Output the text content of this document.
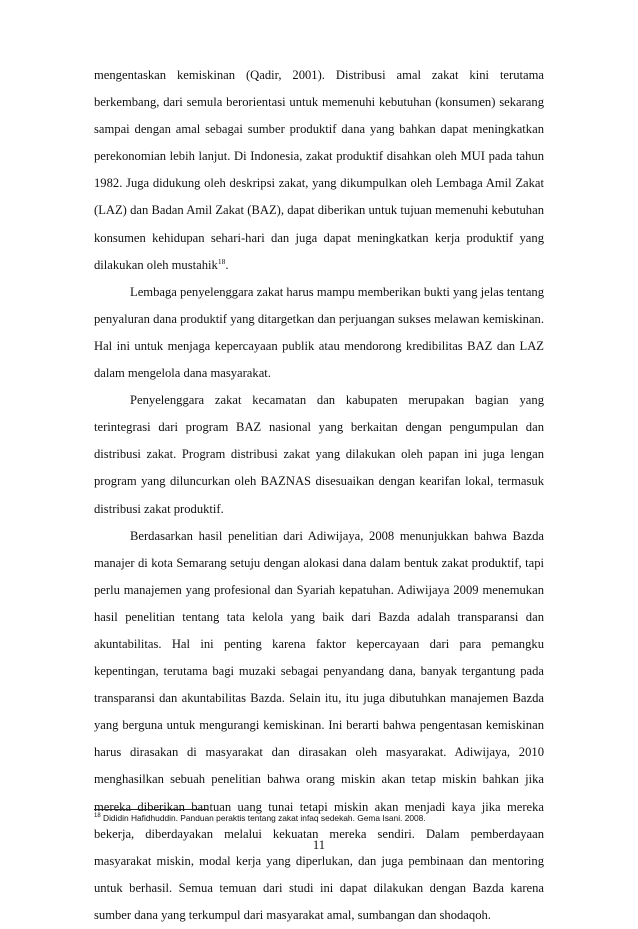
mengentaskan kemiskinan (Qadir, 2001). Distribusi amal zakat kini terutama berkembang, dari semula berorientasi untuk memenuhi kebutuhan (konsumen) sekarang sampai dengan amal sebagai sumber produktif dana yang bahkan dapat meningkatkan perekonomian lebih lanjut. Di Indonesia, zakat produktif disahkan oleh MUI pada tahun 1982. Juga didukung oleh deskripsi zakat, yang dikumpulkan oleh Lembaga Amil Zakat (LAZ) dan Badan Amil Zakat (BAZ), dapat diberikan untuk tujuan memenuhi kebutuhan konsumen kehidupan sehari-hari dan juga dapat meningkatkan kerja produktif yang dilakukan oleh mustahik$^{18}$.

Lembaga penyelenggara zakat harus mampu memberikan bukti yang jelas tentang penyaluran dana produktif yang ditargetkan dan perjuangan sukses melawan kemiskinan. Hal ini untuk menjaga kepercayaan publik atau mendorong kredibilitas BAZ dan LAZ dalam mengelola dana masyarakat.

Penyelenggara zakat kecamatan dan kabupaten merupakan bagian yang terintegrasi dari program BAZ nasional yang berkaitan dengan pengumpulan dan distribusi zakat. Program distribusi zakat yang dilakukan oleh papan ini juga lengan program yang diluncurkan oleh BAZNAS disesuaikan dengan kearifan lokal, termasuk distribusi zakat produktif.

Berdasarkan hasil penelitian dari Adiwijaya, 2008 menunjukkan bahwa Bazda manajer di kota Semarang setuju dengan alokasi dana dalam bentuk zakat produktif, tapi perlu manajemen yang profesional dan Syariah kepatuhan. Adiwijaya 2009 menemukan hasil penelitian tentang tata kelola yang baik dari Bazda adalah transparansi dan akuntabilitas. Hal ini penting karena faktor kepercayaan dari para pemangku kepentingan, terutama bagi muzaki sebagai penyandang dana, banyak tergantung pada transparansi dan akuntabilitas Bazda. Selain itu, itu juga dibutuhkan manajemen Bazda yang berguna untuk mengurangi kemiskinan. Ini berarti bahwa pengentasan kemiskinan harus dirasakan di masyarakat dan dirasakan oleh masyarakat. Adiwijaya, 2010 menghasilkan sebuah penelitian bahwa orang miskin akan tetap miskin bahkan jika mereka diberikan bantuan uang tunai tetapi miskin akan menjadi kaya jika mereka bekerja, diberdayakan melalui kekuatan mereka sendiri. Dalam pemberdayaan masyarakat miskin, modal kerja yang diperlukan, dan juga pembinaan dan mentoring untuk berhasil. Semua temuan dari studi ini dapat dilakukan dengan Bazda karena sumber dana yang terkumpul dari masyarakat amal, sumbangan dan shodaqoh.

$^{18}$ Dididin Hafidhuddin. Panduan peraktis tentang zakat infaq sedekah. Gema Isani. 2008.
11
